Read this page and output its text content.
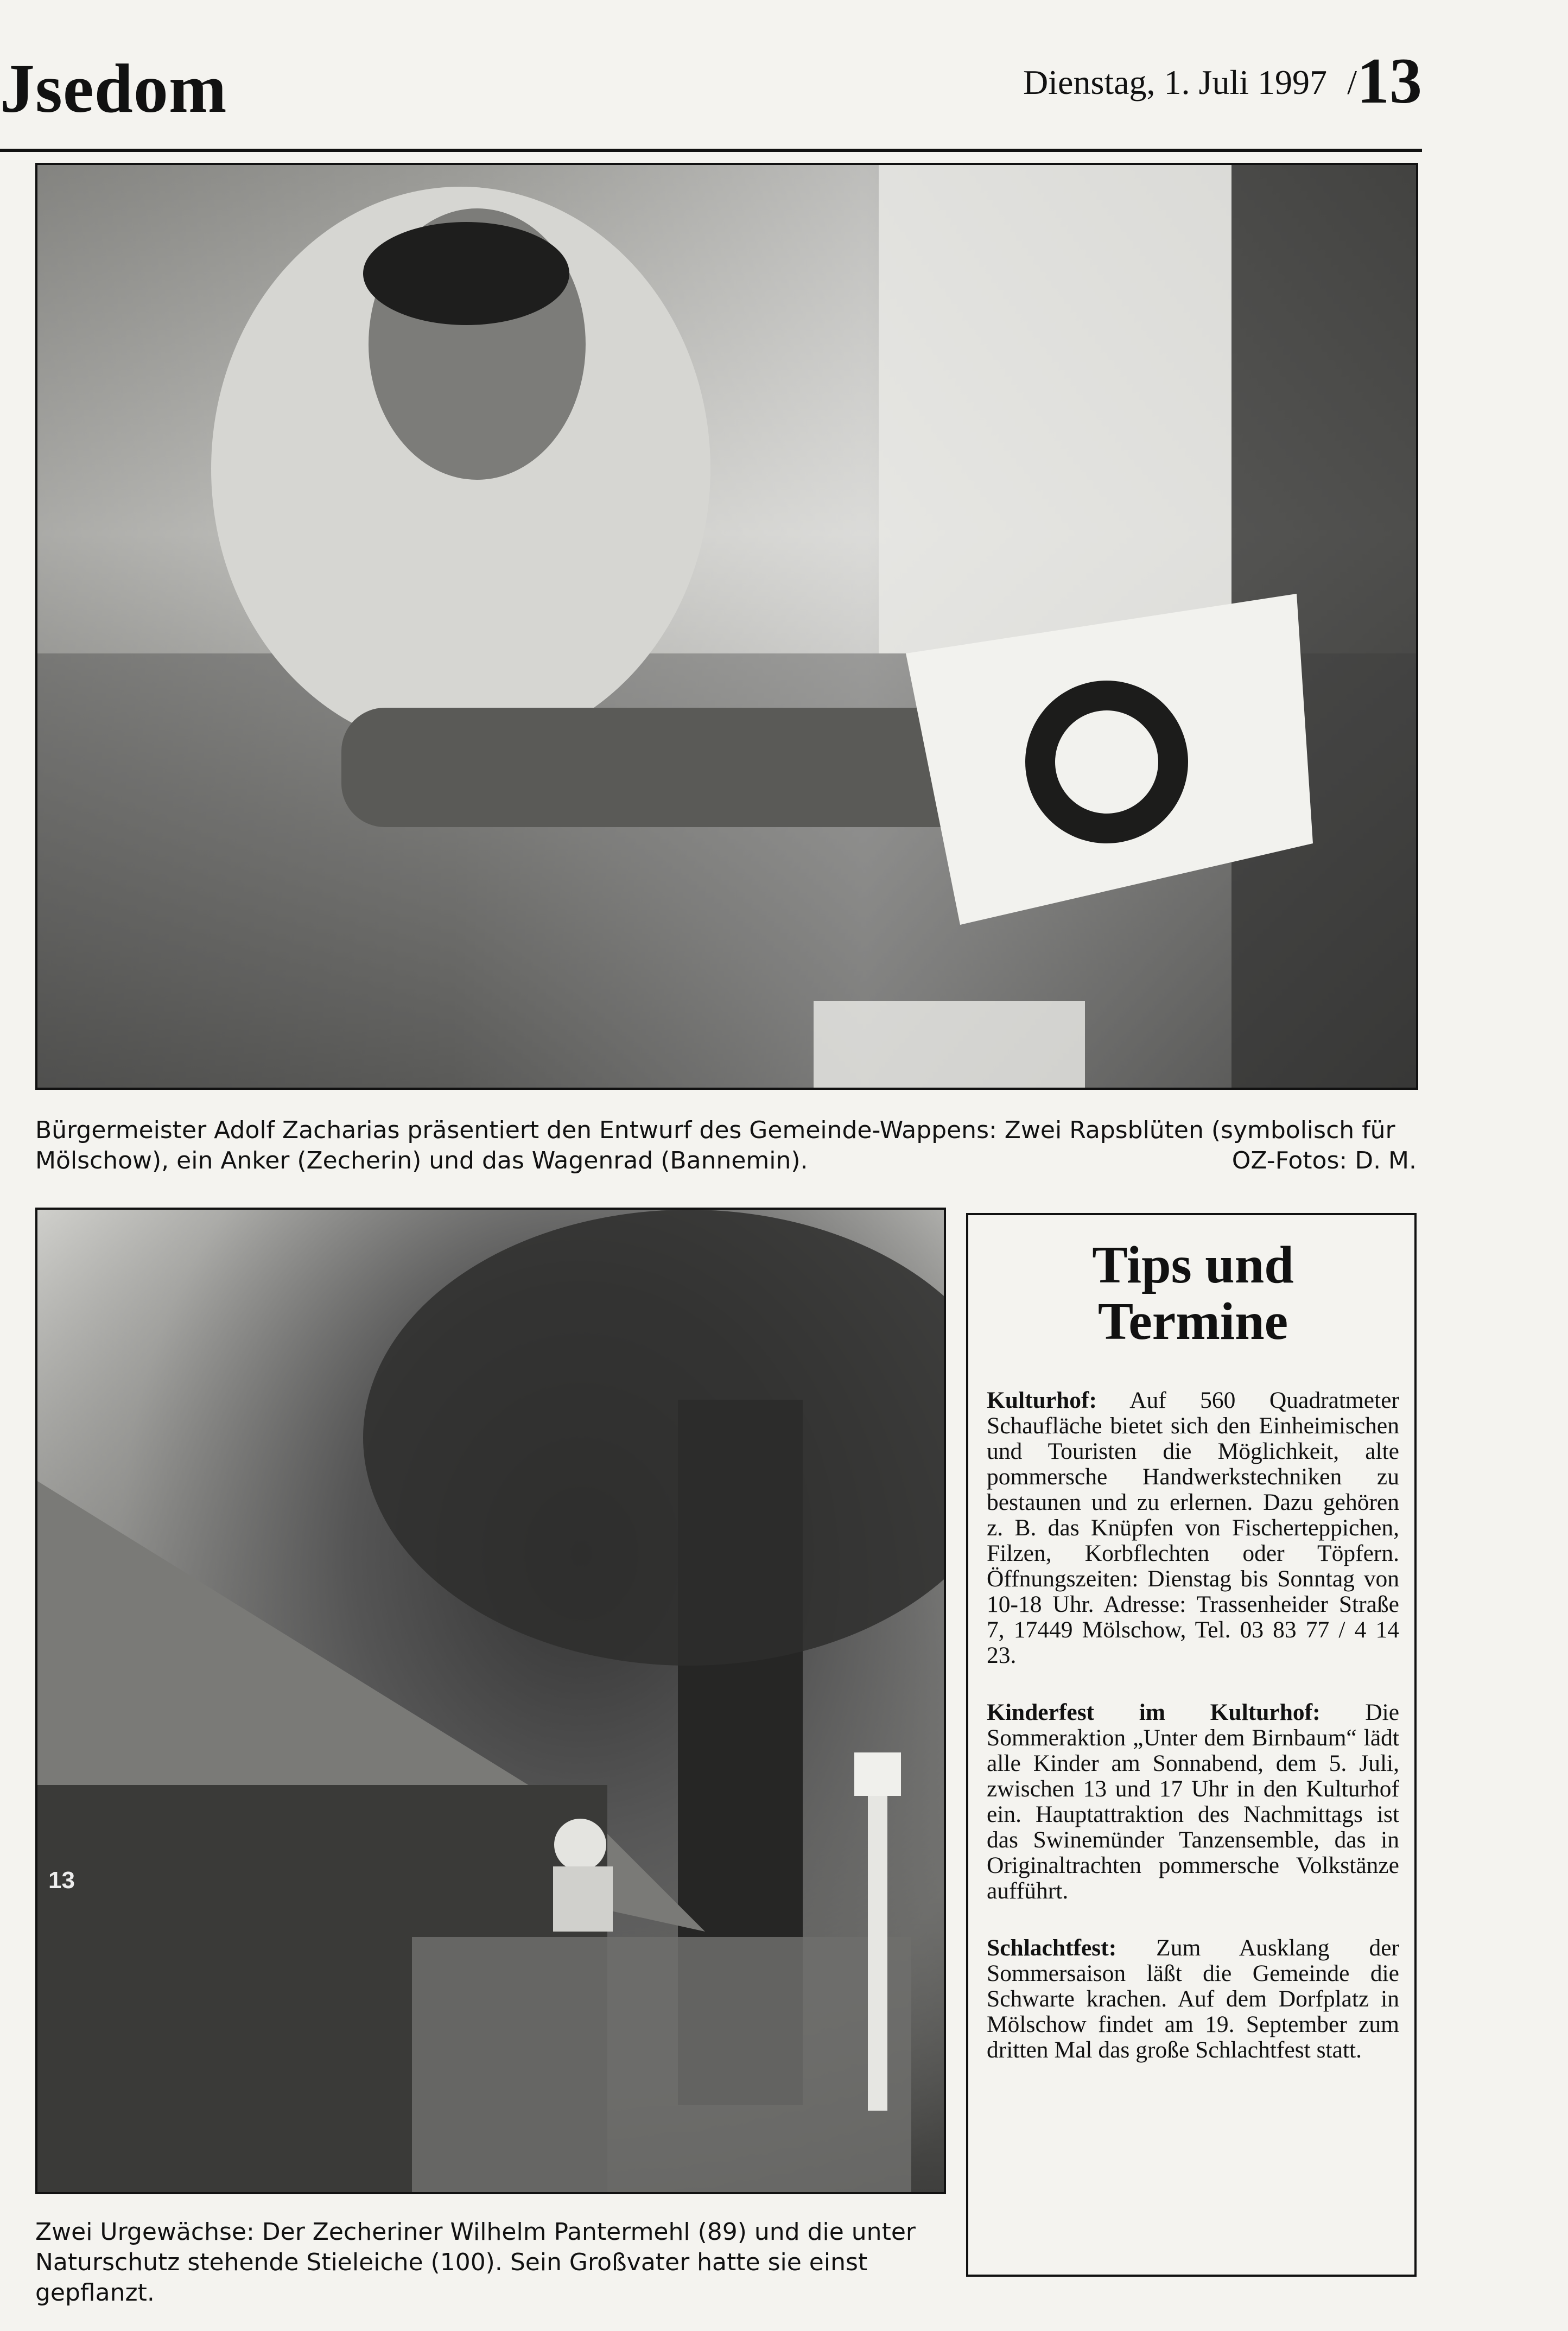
Jsedom	Dienstag, 1. Juli 1997 / 13
Bürgermeister Adolf Zacharias präsentiert den Entwurf des Gemeinde-Wappens: Zwei Rapsblüten (symbolisch für Mölschow), ein Anker (Zecherin) und das Wagenrad (Bannemin).	OZ-Fotos: D. M.
13
Zwei Urgewächse: Der Zecheriner Wilhelm Pantermehl (89) und die unter Naturschutz stehende Stieleiche (100). Sein Großvater hatte sie einst gepflanzt.
Tips und
Termine
Kulturhof: Auf 560 Quadratmeter Schaufläche bietet sich den Einheimischen und Touristen die Möglichkeit, alte pommersche Handwerkstechniken zu bestaunen und zu erlernen. Dazu gehören z. B. das Knüpfen von Fischerteppichen, Filzen, Korbflechten oder Töpfern. Öffnungszeiten: Dienstag bis Sonntag von 10-18 Uhr. Adresse: Trassenheider Straße 7, 17449 Mölschow, Tel. 03 83 77 / 4 14 23.
Kinderfest im Kulturhof: Die Sommeraktion „Unter dem Birnbaum“ lädt alle Kinder am Sonnabend, dem 5. Juli, zwischen 13 und 17 Uhr in den Kulturhof ein. Hauptattraktion des Nachmittags ist das Swinemünder Tanzensemble, das in Originaltrachten pommersche Volkstänze aufführt.
Schlachtfest: Zum Ausklang der Sommersaison läßt die Gemeinde die Schwarte krachen. Auf dem Dorfplatz in Mölschow findet am 19. September zum dritten Mal das große Schlachtfest statt.
